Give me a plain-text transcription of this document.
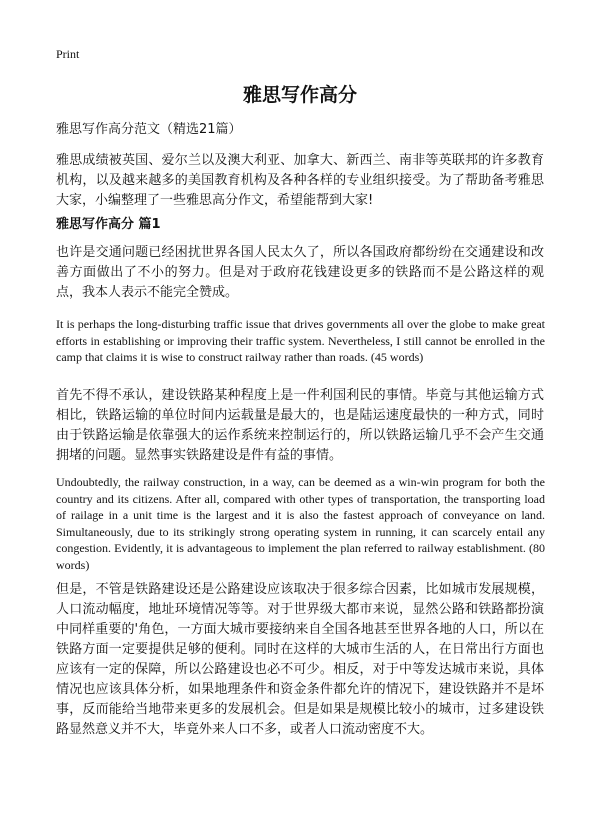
Print
雅思写作高分

雅思写作高分范文（精选21篇）

雅思成绩被英国、爱尔兰以及澳大利亚、加拿大、新西兰、南非等英联邦的许多教育机构，以及越来越多的美国教育机构及各种各样的专业组织接受。为了帮助备考雅思大家，小编整理了一些雅思高分作文，希望能帮到大家!

雅思写作高分 篇1

也许是交通问题已经困扰世界各国人民太久了，所以各国政府都纷纷在交通建设和改善方面做出了不小的努力。但是对于政府花钱建设更多的铁路而不是公路这样的观点，我本人表示不能完全赞成。

It is perhaps the long-disturbing traffic issue that drives governments all over the globe to make great efforts in establishing or improving their traffic system. Nevertheless, I still cannot be enrolled in the camp that claims it is wise to construct railway rather than roads. (45 words)

首先不得不承认，建设铁路某种程度上是一件利国利民的事情。毕竟与其他运输方式相比，铁路运输的单位时间内运载量是最大的，也是陆运速度最快的一种方式，同时由于铁路运输是依靠强大的运作系统来控制运行的，所以铁路运输几乎不会产生交通拥堵的问题。显然事实铁路建设是件有益的事情。

Undoubtedly, the railway construction, in a way, can be deemed as a win-win program for both the country and its citizens. After all, compared with other types of transportation, the transporting load of railage in a unit time is the largest and it is also the fastest approach of conveyance on land. Simultaneously, due to its strikingly strong operating system in running, it can scarcely entail any congestion. Evidently, it is advantageous to implement the plan referred to railway establishment. (80 words)

但是，不管是铁路建设还是公路建设应该取决于很多综合因素，比如城市发展规模，人口流动幅度，地址环境情况等等。对于世界级大都市来说，显然公路和铁路都扮演中同样重要的'角色，一方面大城市要接纳来自全国各地甚至世界各地的人口，所以在铁路方面一定要提供足够的便利。同时在这样的大城市生活的人，在日常出行方面也应该有一定的保障，所以公路建设也必不可少。相反，对于中等发达城市来说，具体情况也应该具体分析，如果地理条件和资金条件都允许的情况下，建设铁路并不是坏事，反而能给当地带来更多的发展机会。但是如果是规模比较小的城市，过多建设铁路显然意义并不大，毕竟外来人口不多，或者人口流动密度不大。
